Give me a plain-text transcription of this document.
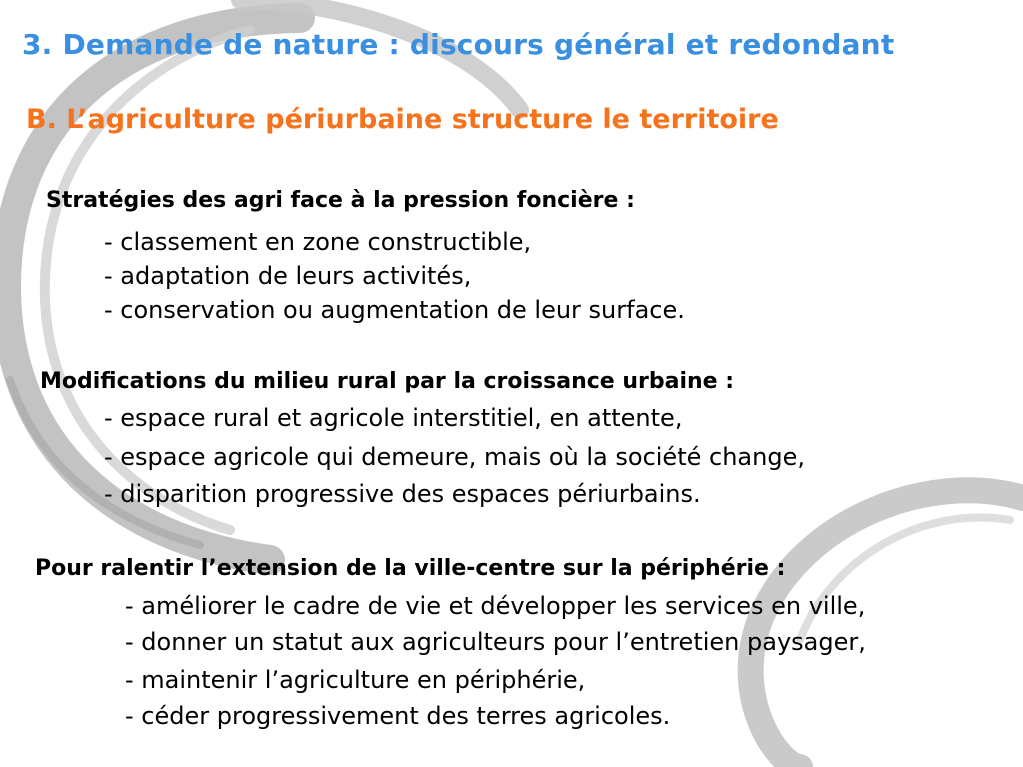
3. Demande de nature : discours général et redondant
B. L’agriculture périurbaine structure le territoire

Stratégies des agri face à la pression foncière :

- classement en zone constructible,

- adaptation de leurs activités,

- conservation ou augmentation de leur surface.

Modifications du milieu rural par la croissance urbaine :

- espace rural et agricole interstitiel, en attente,

- espace agricole qui demeure, mais où la société change,

- disparition progressive des espaces périurbains.

Pour ralentir l’extension de la ville-centre sur la périphérie :

- améliorer le cadre de vie et développer les services en ville,

- donner un statut aux agriculteurs pour l’entretien paysager,

- maintenir l’agriculture en périphérie,

- céder progressivement des terres agricoles.
